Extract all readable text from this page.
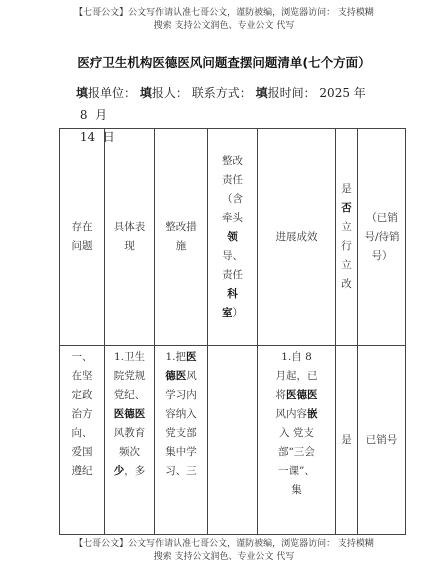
【七哥公文】公文写作请认准七哥公文，谨防被编，浏览器访问： 支持模糊
搜索 支持公文润色、专业公文 代写
医疗卫生机构医德医风问题查摆问题清单(七个方面）
填报单位： 填报人： 联系方式： 填报时间： 2025 年  8 月
14 日
存在问题	具体表现	整改措施	整改责任（含牵头领导、责任科室）	进展成效	是否立行立改	（已销号/待销号）

一、在坚定政治方向、爱国遵纪	1.卫生院党规党纪、医德医风教育频次少，多	1.把医德医风学习内容纳入党支部集中学习、三		1.自 8 月起，已将医德医风内容嵌入 党支部“三会一课”、集	是	已销号
【七哥公文】公文写作请认准七哥公文，谨防被编，浏览器访问： 支持模糊
搜索 支持公文润色、专业公文 代写
